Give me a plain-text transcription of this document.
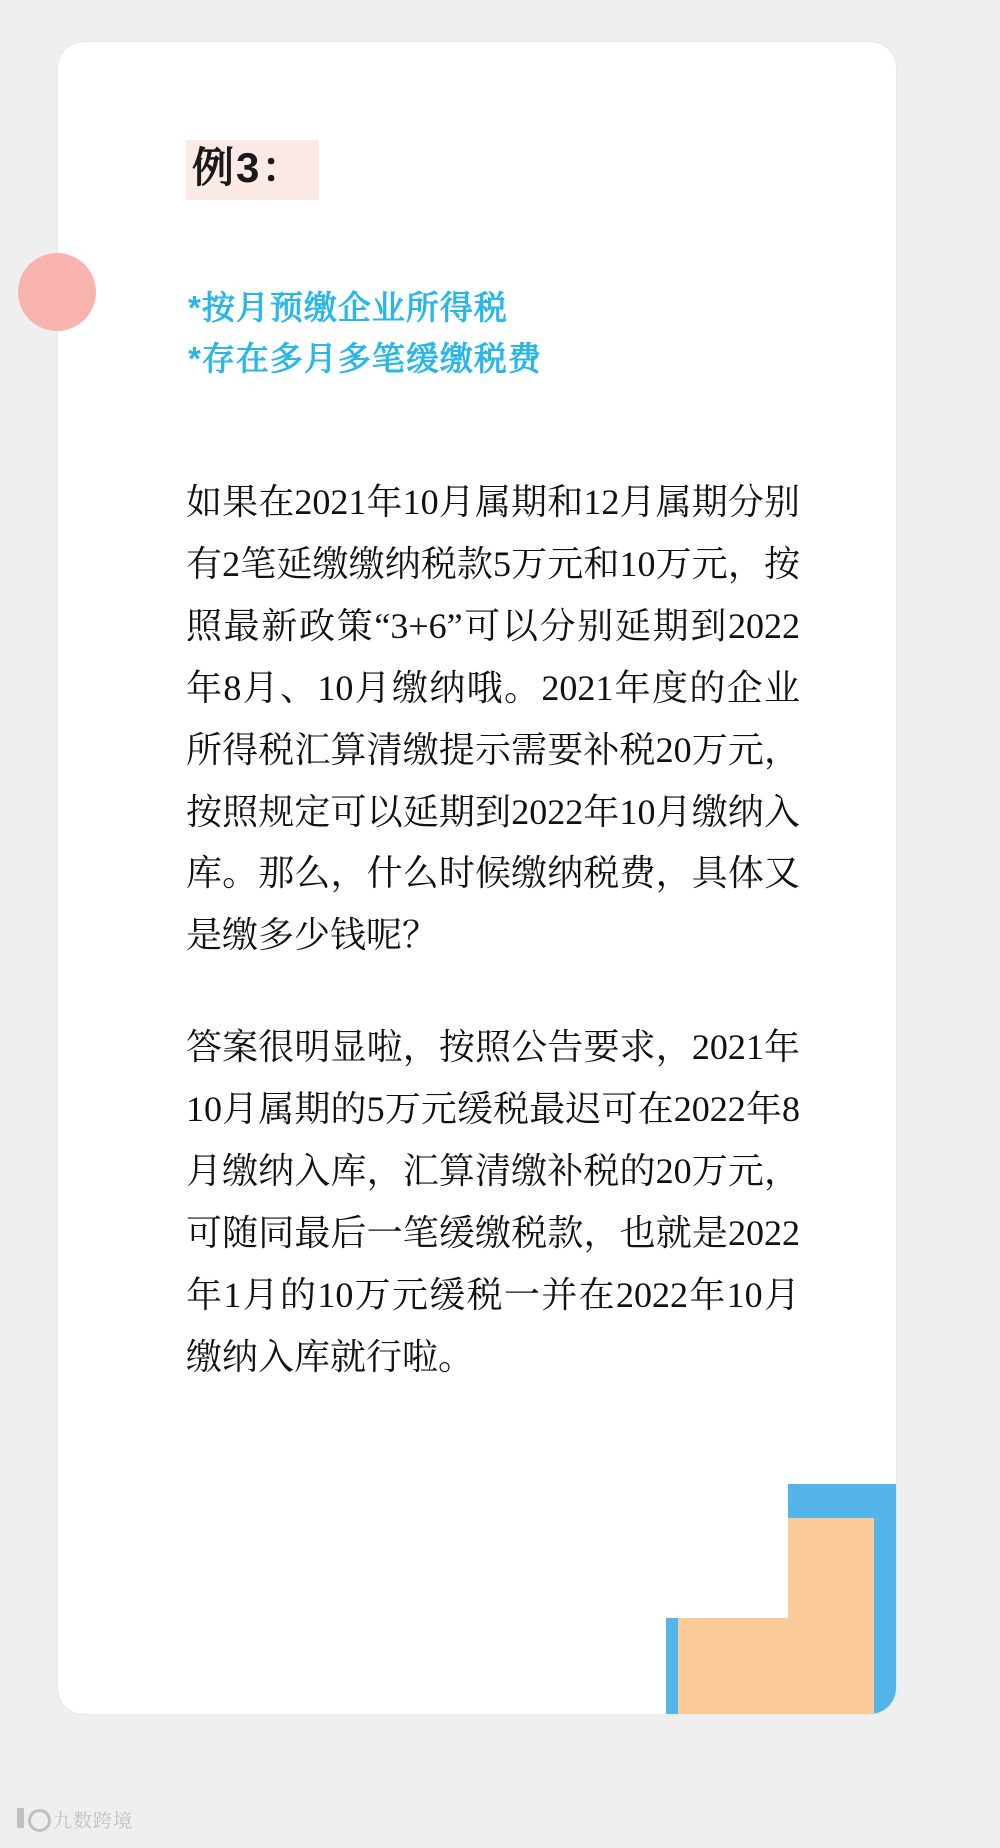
例3：
*按月预缴企业所得税
*存在多月多笔缓缴税费

如果在2021年10月属期和12月属期分别有2笔延缴缴纳税款5万元和10万元，按照最新政策“3+6”可以分别延期到2022年8月、10月缴纳哦。2021年度的企业所得税汇算清缴提示需要补税20万元，按照规定可以延期到2022年10月缴纳入库。那么，什么时候缴纳税费，具体又是缴多少钱呢？

答案很明显啦，按照公告要求，2021年10月属期的5万元缓税最迟可在2022年8月缴纳入库，汇算清缴补税的20万元，可随同最后一笔缓缴税款，也就是2022年1月的10万元缓税一并在2022年10月缴纳入库就行啦。

九数跨境
